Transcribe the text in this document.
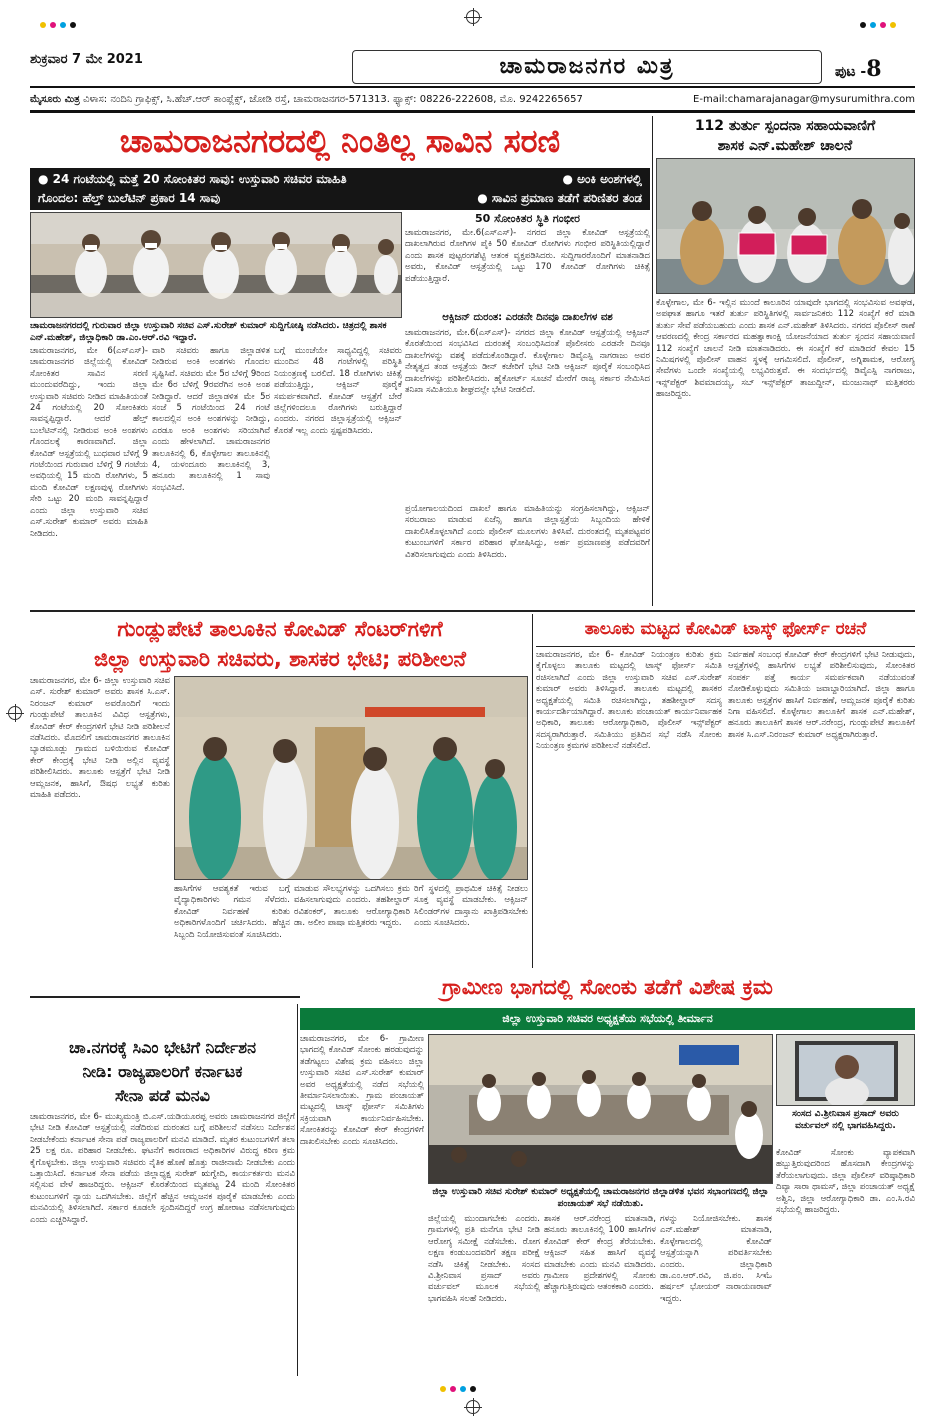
ಶುಕ್ರವಾರ 7 ಮೇ 2021	ಚಾಮರಾಜನಗರ ಮಿತ್ರ	ಪುಟ -8
ಮೈಸೂರು ಮಿತ್ರ ವಿಳಾಸ: ನಂದಿನಿ ಗ್ರಾಫಿಕ್ಸ್, ಸಿ.ಹೆಚ್.ಆರ್ ಕಾಂಪ್ಲೆಕ್ಸ್, ಜೋಡಿ ರಸ್ತೆ, ಚಾಮರಾಜನಗರ-571313. ಫ್ಯಾಕ್ಸ್: 08226-222608, ಮೊ. 9242265657	E-mail:chamarajanagar@mysurumithra.com
ಚಾಮರಾಜನಗರದಲ್ಲಿ ನಿಂತಿಲ್ಲ ಸಾವಿನ ಸರಣಿ	112 ತುರ್ತು ಸ್ಪಂದನಾ ಸಹಾಯವಾಣಿಗೆ
ಶಾಸಕ ಎನ್.ಮಹೇಶ್ ಚಾಲನೆ
● 24 ಗಂಟೆಯಲ್ಲಿ ಮತ್ತೆ 20 ಸೋಂಕಿತರ ಸಾವು: ಉಸ್ತುವಾರಿ ಸಚಿವರ ಮಾಹಿತಿ	● ಅಂಕಿ ಅಂಶಗಳಲ್ಲಿ
ಗೊಂದಲ: ಹೆಲ್ತ್ ಬುಲೆಟಿನ್ ಪ್ರಕಾರ 14 ಸಾವು	● ಸಾವಿನ ಪ್ರಮಾಣ ತಡೆಗೆ ಪರಿಣಿತರ ತಂಡ
ಚಾಮರಾಜನಗರದಲ್ಲಿ ಗುರುವಾರ ಜಿಲ್ಲಾ ಉಸ್ತುವಾರಿ ಸಚಿವ ಎಸ್.ಸುರೇಶ್ ಕುಮಾರ್ ಸುದ್ದಿಗೋಷ್ಠಿ ನಡೆಸಿದರು. ಚಿತ್ರದಲ್ಲಿ ಶಾಸಕ ಎನ್.ಮಹೇಶ್, ಜಿಲ್ಲಾಧಿಕಾರಿ ಡಾ.ಎಂ.ಆರ್.ರವಿ ಇದ್ದಾರೆ.
50 ಸೋಂಕಿತರ ಸ್ಥಿತಿ ಗಂಭೀರ
ಚಾಮರಾಜನಗರ, ಮೇ.6(ಎಸ್‌ಎಸ್)- ನಗರದ ಜಿಲ್ಲಾ ಕೋವಿಡ್ ಆಸ್ಪತ್ರೆಯಲ್ಲಿ ದಾಖಲಾಗಿರುವ ರೋಗಿಗಳ ಪೈಕಿ 50 ಕೋವಿಡ್ ರೋಗಿಗಳು ಗಂಭೀರ ಪರಿಸ್ಥಿತಿಯಲ್ಲಿದ್ದಾರೆ ಎಂದು ಶಾಸಕ ಪುಟ್ಟರಂಗಶೆಟ್ಟಿ ಆತಂಕ ವ್ಯಕ್ತಪಡಿಸಿದರು. ಸುದ್ದಿಗಾರರೊಂದಿಗೆ ಮಾತನಾಡಿದ ಅವರು, ಕೋವಿಡ್ ಆಸ್ಪತ್ರೆಯಲ್ಲಿ ಒಟ್ಟು 170 ಕೋವಿಡ್ ರೋಗಿಗಳು ಚಿಕಿತ್ಸೆ ಪಡೆಯುತ್ತಿದ್ದಾರೆ.
ಆಕ್ಸಿಜನ್ ದುರಂತ: ಎರಡನೇ ದಿನವೂ ದಾಖಲೆಗಳ ವಶ
ಚಾಮರಾಜನಗರ, ಮೇ.6(ಎಸ್‌ಎಸ್)- ನಗರದ ಜಿಲ್ಲಾ ಕೋವಿಡ್ ಆಸ್ಪತ್ರೆಯಲ್ಲಿ ಆಕ್ಸಿಜನ್ ಕೊರತೆಯಿಂದ ಸಂಭವಿಸಿದ ದುರಂತಕ್ಕೆ ಸಂಬಂಧಿಸಿದಂತೆ ಪೊಲೀಸರು ಎರಡನೇ ದಿನವೂ ದಾಖಲೆಗಳನ್ನು ವಶಕ್ಕೆ ಪಡೆದುಕೊಂಡಿದ್ದಾರೆ. ಕೊಳ್ಳೇಗಾಲ ಡಿವೈಎಸ್ಪಿ ನಾಗರಾಜು ಅವರ ನೇತೃತ್ವದ ತಂಡ ಆಸ್ಪತ್ರೆಯ ಡೀನ್ ಕಚೇರಿಗೆ ಭೇಟಿ ನೀಡಿ ಆಕ್ಸಿಜನ್ ಪೂರೈಕೆ ಸಂಬಂಧಿಸಿದ ದಾಖಲೆಗಳನ್ನು ಪರಿಶೀಲಿಸಿದರು. ಹೈಕೋರ್ಟ್ ಸೂಚನೆ ಮೇರೆಗೆ ರಾಜ್ಯ ಸರ್ಕಾರ ನೇಮಿಸಿದ ತನಿಖಾ ಸಮಿತಿಯೂ ಶೀಘ್ರದಲ್ಲೇ ಭೇಟಿ ನೀಡಲಿದೆ.
ಚಾಮರಾಜನಗರ, ಮೇ 6(ಎಸ್‌ಎಸ್)- ಚಾಮರಾಜನಗರ ಜಿಲ್ಲೆಯಲ್ಲಿ ಕೋವಿಡ್ ಸೋಂಕಿತರ ಸಾವಿನ ಸರಣಿ ಮುಂದುವರೆದಿದ್ದು, ಇಂದು ಜಿಲ್ಲಾ ಉಸ್ತುವಾರಿ ಸಚಿವರು ನೀಡಿದ ಮಾಹಿತಿಯಂತೆ 24 ಗಂಟೆಯಲ್ಲಿ 20 ಸೋಂಕಿತರು ಸಾವನ್ನಪ್ಪಿದ್ದಾರೆ. ಆದರೆ ಹೆಲ್ತ್ ಬುಲೆಟಿನ್‌ನಲ್ಲಿ ನೀಡಿರುವ ಅಂಕಿ ಅಂಶಗಳು ಗೊಂದಲಕ್ಕೆ ಕಾರಣವಾಗಿದೆ. ಜಿಲ್ಲಾ ಕೋವಿಡ್ ಆಸ್ಪತ್ರೆಯಲ್ಲಿ ಬುಧವಾರ ಬೆಳಿಗ್ಗೆ 9 ಗಂಟೆಯಿಂದ ಗುರುವಾರ ಬೆಳಿಗ್ಗೆ 9 ಗಂಟೆಯ ಅವಧಿಯಲ್ಲಿ 15 ಮಂದಿ ರೋಗಿಗಳು, 5 ಮಂದಿ ಕೋವಿಡ್ ಲಕ್ಷಣವುಳ್ಳ ರೋಗಿಗಳು ಸೇರಿ ಒಟ್ಟು 20 ಮಂದಿ ಸಾವನ್ನಪ್ಪಿದ್ದಾರೆ ಎಂದು ಜಿಲ್ಲಾ ಉಸ್ತುವಾರಿ ಸಚಿವ ಎಸ್.ಸುರೇಶ್ ಕುಮಾರ್ ಅವರು ಮಾಹಿತಿ ನೀಡಿದರು.
ವಾರಿ ಸಚಿವರು ಹಾಗೂ ಜಿಲ್ಲಾಡಳಿತ ನೀಡಿರುವ ಅಂಕಿ ಅಂಶಗಳು ಗೊಂದಲ ಸೃಷ್ಟಿಸಿವೆ. ಸಚಿವರು ಮೇ 5ರ ಬೆಳಿಗ್ಗೆ 9ರಿಂದ ಮೇ 6ರ ಬೆಳಿಗ್ಗೆ 9ರವರೆಗಿನ ಅಂಕಿ ಅಂಶ ನೀಡಿದ್ದಾರೆ. ಆದರೆ ಜಿಲ್ಲಾಡಳಿತ ಮೇ 5ರ ಸಂಜೆ 5 ಗಂಟೆಯಿಂದ 24 ಗಂಟೆ ಕಾಲದಲ್ಲಿನ ಅಂಕಿ ಅಂಶಗಳನ್ನು ನೀಡಿದ್ದು, ಎರಡೂ ಅಂಕಿ ಅಂಶಗಳು ಸರಿಯಾಗಿವೆ ಎಂದು ಹೇಳಲಾಗಿದೆ. ಚಾಮರಾಜನಗರ ತಾಲೂಕಿನಲ್ಲಿ 6, ಕೊಳ್ಳೇಗಾಲ ತಾಲೂಕಿನಲ್ಲಿ 4, ಯಳಂದೂರು ತಾಲೂಕಿನಲ್ಲಿ 3, ಹನೂರು ತಾಲೂಕಿನಲ್ಲಿ 1 ಸಾವು ಸಂಭವಿಸಿದೆ.
ಬಗ್ಗೆ ಮುಂಚೆಯೇ ಸಾಧ್ಯವಿದ್ದಲ್ಲಿ ಸಚಿವರು ಮುಂದಿನ 48 ಗಂಟೆಗಳಲ್ಲಿ ಪರಿಸ್ಥಿತಿ ನಿಯಂತ್ರಣಕ್ಕೆ ಬರಲಿದೆ. 18 ರೋಗಿಗಳು ಚಿಕಿತ್ಸೆ ಪಡೆಯುತ್ತಿದ್ದು, ಆಕ್ಸಿಜನ್ ಪೂರೈಕೆ ಸಮರ್ಪಕವಾಗಿದೆ. ಕೋವಿಡ್ ಆಸ್ಪತ್ರೆಗೆ ಬೇರೆ ಜಿಲ್ಲೆಗಳಿಂದಲೂ ರೋಗಿಗಳು ಬರುತ್ತಿದ್ದಾರೆ ಎಂದರು. ನಗರದ ಜಿಲ್ಲಾಸ್ಪತ್ರೆಯಲ್ಲಿ ಆಕ್ಸಿಜನ್ ಕೊರತೆ ಇಲ್ಲ ಎಂದು ಸ್ಪಷ್ಟಪಡಿಸಿದರು.
ಪ್ರಯೋಗಾಲಯದಿಂದ ದಾಖಲೆ ಹಾಗೂ ಮಾಹಿತಿಯನ್ನು ಸಂಗ್ರಹಿಸಲಾಗಿದ್ದು, ಆಕ್ಸಿಜನ್ ಸರಬರಾಜು ಮಾಡುವ ಏಜೆನ್ಸಿ ಹಾಗೂ ಜಿಲ್ಲಾಸ್ಪತ್ರೆಯ ಸಿಬ್ಬಂದಿಯ ಹೇಳಿಕೆ ದಾಖಲಿಸಿಕೊಳ್ಳಲಾಗಿದೆ ಎಂದು ಪೊಲೀಸ್ ಮೂಲಗಳು ತಿಳಿಸಿವೆ. ದುರಂತದಲ್ಲಿ ಮೃತಪಟ್ಟವರ ಕುಟುಂಬಗಳಿಗೆ ಸರ್ಕಾರ ಪರಿಹಾರ ಘೋಷಿಸಿದ್ದು, ಅರ್ಹ ಪ್ರಮಾಣಪತ್ರ ಪಡೆದವರಿಗೆ ವಿತರಿಸಲಾಗುವುದು ಎಂದು ತಿಳಿಸಿದರು.
ಕೊಳ್ಳೇಗಾಲ, ಮೇ 6- ಇಲ್ಲಿನ ಮುಂದೆ ಕಾಲೂರಿನ ಯಾವುದೇ ಭಾಗದಲ್ಲಿ ಸಂಭವಿಸುವ ಅವಘಡ, ಅಪಘಾತ ಹಾಗೂ ಇತರೆ ತುರ್ತು ಪರಿಸ್ಥಿತಿಗಳಲ್ಲಿ ಸಾರ್ವಜನಿಕರು 112 ಸಂಖ್ಯೆಗೆ ಕರೆ ಮಾಡಿ ತುರ್ತು ಸೇವೆ ಪಡೆಯಬಹುದು ಎಂದು ಶಾಸಕ ಎನ್.ಮಹೇಶ್ ತಿಳಿಸಿದರು. ನಗರದ ಪೊಲೀಸ್ ಠಾಣೆ ಆವರಣದಲ್ಲಿ ಕೇಂದ್ರ ಸರ್ಕಾರದ ಮಹತ್ವಾಕಾಂಕ್ಷಿ ಯೋಜನೆಯಾದ ತುರ್ತು ಸ್ಪಂದನ ಸಹಾಯವಾಣಿ 112 ಸಂಖ್ಯೆಗೆ ಚಾಲನೆ ನೀಡಿ ಮಾತನಾಡಿದರು. ಈ ಸಂಖ್ಯೆಗೆ ಕರೆ ಮಾಡಿದರೆ ಕೇವಲ 15 ನಿಮಿಷಗಳಲ್ಲಿ ಪೊಲೀಸ್ ವಾಹನ ಸ್ಥಳಕ್ಕೆ ಆಗಮಿಸಲಿದೆ. ಪೊಲೀಸ್, ಅಗ್ನಿಶಾಮಕ, ಆರೋಗ್ಯ ಸೇವೆಗಳು ಒಂದೇ ಸಂಖ್ಯೆಯಲ್ಲಿ ಲಭ್ಯವಿರುತ್ತವೆ. ಈ ಸಂದರ್ಭದಲ್ಲಿ ಡಿವೈಎಸ್ಪಿ ನಾಗರಾಜು, ಇನ್ಸ್‌ಪೆಕ್ಟರ್ ಶಿವಮಾದಯ್ಯ, ಸಬ್ ಇನ್ಸ್‌ಪೆಕ್ಟರ್ ತಾಜುದ್ದೀನ್, ಮಂಜುನಾಥ್ ಮತ್ತಿತರರು ಹಾಜರಿದ್ದರು.
ಗುಂಡ್ಲುಪೇಟೆ ತಾಲೂಕಿನ ಕೋವಿಡ್ ಸೆಂಟರ್‌ಗಳಿಗೆ
ಜಿಲ್ಲಾ ಉಸ್ತುವಾರಿ ಸಚಿವರು, ಶಾಸಕರ ಭೇಟಿ; ಪರಿಶೀಲನೆ
ತಾಲೂಕು ಮಟ್ಟದ ಕೋವಿಡ್ ಟಾಸ್ಕ್ ಫೋರ್ಸ್ ರಚನೆ
ಚಾಮರಾಜನಗರ, ಮೇ 6- ಜಿಲ್ಲಾ ಉಸ್ತುವಾರಿ ಸಚಿವ ಎಸ್. ಸುರೇಶ್ ಕುಮಾರ್ ಅವರು ಶಾಸಕ ಸಿ.ಎಸ್. ನಿರಂಜನ್ ಕುಮಾರ್ ಅವರೊಂದಿಗೆ ಇಂದು ಗುಂಡ್ಲುಪೇಟೆ ತಾಲೂಕಿನ ವಿವಿಧ ಆಸ್ಪತ್ರೆಗಳು, ಕೋವಿಡ್ ಕೇರ್ ಕೇಂದ್ರಗಳಿಗೆ ಭೇಟಿ ನೀಡಿ ಪರಿಶೀಲನೆ ನಡೆಸಿದರು. ಮೊದಲಿಗೆ ಚಾಮರಾಜನಗರ ತಾಲೂಕಿನ ಬ್ಯಾಡಮೂಡ್ಲು ಗ್ರಾಮದ ಬಳಿಯಿರುವ ಕೋವಿಡ್ ಕೇರ್ ಕೇಂದ್ರಕ್ಕೆ ಭೇಟಿ ನೀಡಿ ಅಲ್ಲಿನ ವ್ಯವಸ್ಥೆ ಪರಿಶೀಲಿಸಿದರು. ತಾಲೂಕು ಆಸ್ಪತ್ರೆಗೆ ಭೇಟಿ ನೀಡಿ ಆಮ್ಲಜನಕ, ಹಾಸಿಗೆ, ಔಷಧ ಲಭ್ಯತೆ ಕುರಿತು ಮಾಹಿತಿ ಪಡೆದರು.
ಹಾಸಿಗೆಗಳ ಆವಶ್ಯಕತೆ ಇರುವ ಬಗ್ಗೆ ವೈದ್ಯಾಧಿಕಾರಿಗಳು ಗಮನ ಸೆಳೆದರು. ಕೋವಿಡ್ ನಿರ್ವಹಣೆ ಕುರಿತು ಅಧಿಕಾರಿಗಳೊಂದಿಗೆ ಚರ್ಚಿಸಿದರು. ಹೆಚ್ಚಿನ ಸಿಬ್ಬಂದಿ ನಿಯೋಜಿಸುವಂತೆ ಸೂಚಿಸಿದರು.
ಮಾಡುವ ಸೌಲಭ್ಯಗಳನ್ನು ಒದಗಿಸಲು ಕ್ರಮ ವಹಿಸಲಾಗುವುದು ಎಂದರು. ತಹಶೀಲ್ದಾರ್ ರವಿಶಂಕರ್, ತಾಲೂಕು ಆರೋಗ್ಯಾಧಿಕಾರಿ ಡಾ. ಅಲೀಂ ಪಾಷಾ ಮತ್ತಿತರರು ಇದ್ದರು.
ರಿಗೆ ಸ್ಥಳದಲ್ಲಿ ಪ್ರಾಥಮಿಕ ಚಿಕಿತ್ಸೆ ನೀಡಲು ಸೂಕ್ತ ವ್ಯವಸ್ಥೆ ಮಾಡಬೇಕು. ಆಕ್ಸಿಜನ್ ಸಿಲಿಂಡರ್‌ಗಳ ದಾಸ್ತಾನು ಖಾತ್ರಿಪಡಿಸಬೇಕು ಎಂದು ಸೂಚಿಸಿದರು.
ಚಾಮರಾಜನಗರ, ಮೇ 6- ಕೋವಿಡ್ ನಿಯಂತ್ರಣ ಕುರಿತು ಕ್ರಮ ಕೈಗೊಳ್ಳಲು ತಾಲೂಕು ಮಟ್ಟದಲ್ಲಿ ಟಾಸ್ಕ್ ಫೋರ್ಸ್ ಸಮಿತಿ ರಚಿಸಲಾಗಿದೆ ಎಂದು ಜಿಲ್ಲಾ ಉಸ್ತುವಾರಿ ಸಚಿವ ಎಸ್.ಸುರೇಶ್ ಕುಮಾರ್ ಅವರು ತಿಳಿಸಿದ್ದಾರೆ. ತಾಲೂಕು ಮಟ್ಟದಲ್ಲಿ ಶಾಸಕರ ಅಧ್ಯಕ್ಷತೆಯಲ್ಲಿ ಸಮಿತಿ ರಚಿಸಲಾಗಿದ್ದು, ತಹಶೀಲ್ದಾರ್ ಸದಸ್ಯ ಕಾರ್ಯದರ್ಶಿಯಾಗಿದ್ದಾರೆ. ತಾಲೂಕು ಪಂಚಾಯತ್ ಕಾರ್ಯನಿರ್ವಾಹಕ ಅಧಿಕಾರಿ, ತಾಲೂಕು ಆರೋಗ್ಯಾಧಿಕಾರಿ, ಪೊಲೀಸ್ ಇನ್ಸ್‌ಪೆಕ್ಟರ್ ಸದಸ್ಯರಾಗಿರುತ್ತಾರೆ. ಸಮಿತಿಯು ಪ್ರತಿದಿನ ಸಭೆ ನಡೆಸಿ ಸೋಂಕು ನಿಯಂತ್ರಣ ಕ್ರಮಗಳ ಪರಿಶೀಲನೆ ನಡೆಸಲಿದೆ.
ನಿರ್ವಹಣೆ ಸಂಬಂಧ ಕೋವಿಡ್ ಕೇರ್ ಕೇಂದ್ರಗಳಿಗೆ ಭೇಟಿ ನೀಡುವುದು, ಆಸ್ಪತ್ರೆಗಳಲ್ಲಿ ಹಾಸಿಗೆಗಳ ಲಭ್ಯತೆ ಪರಿಶೀಲಿಸುವುದು, ಸೋಂಕಿತರ ಸಂಪರ್ಕ ಪತ್ತೆ ಕಾರ್ಯ ಸಮರ್ಪಕವಾಗಿ ನಡೆಯುವಂತೆ ನೋಡಿಕೊಳ್ಳುವುದು ಸಮಿತಿಯ ಜವಾಬ್ದಾರಿಯಾಗಿದೆ. ಜಿಲ್ಲಾ ಹಾಗೂ ತಾಲೂಕು ಆಸ್ಪತ್ರೆಗಳ ಹಾಸಿಗೆ ನಿರ್ವಹಣೆ, ಆಮ್ಲಜನಕ ಪೂರೈಕೆ ಕುರಿತು ನಿಗಾ ವಹಿಸಲಿದೆ. ಕೊಳ್ಳೇಗಾಲ ತಾಲೂಕಿಗೆ ಶಾಸಕ ಎನ್.ಮಹೇಶ್, ಹನೂರು ತಾಲೂಕಿಗೆ ಶಾಸಕ ಆರ್.ನರೇಂದ್ರ, ಗುಂಡ್ಲುಪೇಟೆ ತಾಲೂಕಿಗೆ ಶಾಸಕ ಸಿ.ಎಸ್.ನಿರಂಜನ್ ಕುಮಾರ್ ಅಧ್ಯಕ್ಷರಾಗಿರುತ್ತಾರೆ.
ಗ್ರಾಮೀಣ ಭಾಗದಲ್ಲಿ ಸೋಂಕು ತಡೆಗೆ ವಿಶೇಷ ಕ್ರಮ
ಜಿಲ್ಲಾ ಉಸ್ತುವಾರಿ ಸಚಿವರ ಅಧ್ಯಕ್ಷತೆಯ ಸಭೆಯಲ್ಲಿ ತೀರ್ಮಾನ
ಚಾ.ನಗರಕ್ಕೆ ಸಿಎಂ ಭೇಟಿಗೆ ನಿರ್ದೇಶನ
ನೀಡಿ: ರಾಜ್ಯಪಾಲರಿಗೆ ಕರ್ನಾಟಕ
ಸೇನಾ ಪಡೆ ಮನವಿ
ಚಾಮರಾಜನಗರ, ಮೇ 6- ಮುಖ್ಯಮಂತ್ರಿ ಬಿ.ಎಸ್.ಯಡಿಯೂರಪ್ಪ ಅವರು ಚಾಮರಾಜನಗರ ಜಿಲ್ಲೆಗೆ ಭೇಟಿ ನೀಡಿ ಕೋವಿಡ್ ಆಸ್ಪತ್ರೆಯಲ್ಲಿ ನಡೆದಿರುವ ದುರಂತದ ಬಗ್ಗೆ ಪರಿಶೀಲನೆ ನಡೆಸಲು ನಿರ್ದೇಶನ ನೀಡಬೇಕೆಂದು ಕರ್ನಾಟಕ ಸೇನಾ ಪಡೆ ರಾಜ್ಯಪಾಲರಿಗೆ ಮನವಿ ಮಾಡಿದೆ. ಮೃತರ ಕುಟುಂಬಗಳಿಗೆ ತಲಾ 25 ಲಕ್ಷ ರೂ. ಪರಿಹಾರ ನೀಡಬೇಕು. ಘಟನೆಗೆ ಕಾರಣರಾದ ಅಧಿಕಾರಿಗಳ ವಿರುದ್ಧ ಕಠಿಣ ಕ್ರಮ ಕೈಗೊಳ್ಳಬೇಕು. ಜಿಲ್ಲಾ ಉಸ್ತುವಾರಿ ಸಚಿವರು ನೈತಿಕ ಹೊಣೆ ಹೊತ್ತು ರಾಜೀನಾಮೆ ನೀಡಬೇಕು ಎಂದು ಒತ್ತಾಯಿಸಿದೆ. ಕರ್ನಾಟಕ ಸೇನಾ ಪಡೆಯ ಜಿಲ್ಲಾಧ್ಯಕ್ಷ ಸುರೇಶ್ ಋಗ್ವೇದಿ, ಕಾರ್ಯಕರ್ತರು ಮನವಿ ಸಲ್ಲಿಸುವ ವೇಳೆ ಹಾಜರಿದ್ದರು. ಆಕ್ಸಿಜನ್ ಕೊರತೆಯಿಂದ ಮೃತಪಟ್ಟ 24 ಮಂದಿ ಸೋಂಕಿತರ ಕುಟುಂಬಗಳಿಗೆ ನ್ಯಾಯ ಒದಗಿಸಬೇಕು. ಜಿಲ್ಲೆಗೆ ಹೆಚ್ಚಿನ ಆಮ್ಲಜನಕ ಪೂರೈಕೆ ಮಾಡಬೇಕು ಎಂದು ಮನವಿಯಲ್ಲಿ ತಿಳಿಸಲಾಗಿದೆ. ಸರ್ಕಾರ ಕೂಡಲೇ ಸ್ಪಂದಿಸದಿದ್ದರೆ ಉಗ್ರ ಹೋರಾಟ ನಡೆಸಲಾಗುವುದು ಎಂದು ಎಚ್ಚರಿಸಿದ್ದಾರೆ.
ಚಾಮರಾಜನಗರ, ಮೇ 6- ಗ್ರಾಮೀಣ ಭಾಗದಲ್ಲಿ ಕೋವಿಡ್ ಸೋಂಕು ಹರಡುವುದನ್ನು ತಡೆಗಟ್ಟಲು ವಿಶೇಷ ಕ್ರಮ ವಹಿಸಲು ಜಿಲ್ಲಾ ಉಸ್ತುವಾರಿ ಸಚಿವ ಎಸ್.ಸುರೇಶ್ ಕುಮಾರ್ ಅವರ ಅಧ್ಯಕ್ಷತೆಯಲ್ಲಿ ನಡೆದ ಸಭೆಯಲ್ಲಿ ತೀರ್ಮಾನಿಸಲಾಯಿತು. ಗ್ರಾಮ ಪಂಚಾಯತ್ ಮಟ್ಟದಲ್ಲಿ ಟಾಸ್ಕ್ ಫೋರ್ಸ್ ಸಮಿತಿಗಳು ಸಕ್ರಿಯವಾಗಿ ಕಾರ್ಯನಿರ್ವಹಿಸಬೇಕು. ಸೋಂಕಿತರನ್ನು ಕೋವಿಡ್ ಕೇರ್ ಕೇಂದ್ರಗಳಿಗೆ ದಾಖಲಿಸಬೇಕು ಎಂದು ಸೂಚಿಸಿದರು.
ಜಿಲ್ಲಾ ಉಸ್ತುವಾರಿ ಸಚಿವ ಸುರೇಶ್ ಕುಮಾರ್ ಅಧ್ಯಕ್ಷತೆಯಲ್ಲಿ ಚಾಮರಾಜನಗರ ಜಿಲ್ಲಾಡಳಿತ ಭವನ ಸಭಾಂಗಣದಲ್ಲಿ ಜಿಲ್ಲಾ ಪಂಚಾಯತ್ ಸಭೆ ನಡೆಯಿತು.
ಸಂಸದ ವಿ.ಶ್ರೀನಿವಾಸ ಪ್ರಸಾದ್ ಅವರು ವರ್ಚುವಲ್ ನಲ್ಲಿ ಭಾಗವಹಿಸಿದ್ದರು.
ಜಿಲ್ಲೆಯಲ್ಲಿ ಮುಂದಾಗಬೇಕು ಎಂದರು. ಗ್ರಾಮಗಳಲ್ಲಿ ಪ್ರತಿ ಮನೆಗೂ ಭೇಟಿ ನೀಡಿ ಆರೋಗ್ಯ ಸಮೀಕ್ಷೆ ನಡೆಸಬೇಕು. ರೋಗ ಲಕ್ಷಣ ಕಂಡುಬಂದವರಿಗೆ ತಕ್ಷಣ ಪರೀಕ್ಷೆ ನಡೆಸಿ ಚಿಕಿತ್ಸೆ ನೀಡಬೇಕು. ಸಂಸದ ವಿ.ಶ್ರೀನಿವಾಸ ಪ್ರಸಾದ್ ಅವರು ವರ್ಚುವಲ್ ಮೂಲಕ ಸಭೆಯಲ್ಲಿ ಭಾಗವಹಿಸಿ ಸಲಹೆ ನೀಡಿದರು.
ಶಾಸಕ ಆರ್.ನರೇಂದ್ರ ಮಾತನಾಡಿ, ಹನೂರು ತಾಲೂಕಿನಲ್ಲಿ 100 ಹಾಸಿಗೆಗಳ ಕೋವಿಡ್ ಕೇರ್ ಕೇಂದ್ರ ತೆರೆಯಬೇಕು. ಆಕ್ಸಿಜನ್ ಸಹಿತ ಹಾಸಿಗೆ ವ್ಯವಸ್ಥೆ ಮಾಡಬೇಕು ಎಂದು ಮನವಿ ಮಾಡಿದರು. ಗ್ರಾಮೀಣ ಪ್ರದೇಶಗಳಲ್ಲಿ ಸೋಂಕು ಹೆಚ್ಚಾಗುತ್ತಿರುವುದು ಆತಂಕಕಾರಿ ಎಂದರು.
ಗಳನ್ನು ನಿಯೋಜಿಸಬೇಕು. ಶಾಸಕ ಎನ್.ಮಹೇಶ್ ಮಾತನಾಡಿ, ಕೊಳ್ಳೇಗಾಲದಲ್ಲಿ ಕೋವಿಡ್ ಆಸ್ಪತ್ರೆಯನ್ನಾಗಿ ಪರಿವರ್ತಿಸಬೇಕು ಎಂದರು. ಜಿಲ್ಲಾಧಿಕಾರಿ ಡಾ.ಎಂ.ಆರ್.ರವಿ, ಜಿ.ಪಂ. ಸಿಇಓ ಹರ್ಷಲ್ ಭೋಯರ್ ನಾರಾಯಣರಾವ್ ಇದ್ದರು.
ಕೋವಿಡ್ ಸೋಂಕು ವ್ಯಾಪಕವಾಗಿ ಹಬ್ಬುತ್ತಿರುವುದರಿಂದ ಹೊಸದಾಗಿ ಕೇಂದ್ರಗಳನ್ನು ತೆರೆಯಲಾಗುವುದು. ಜಿಲ್ಲಾ ಪೊಲೀಸ್ ವರಿಷ್ಠಾಧಿಕಾರಿ ದಿವ್ಯಾ ಸಾರಾ ಥಾಮಸ್, ಜಿಲ್ಲಾ ಪಂಚಾಯತ್ ಅಧ್ಯಕ್ಷೆ ಅಶ್ವಿನಿ, ಜಿಲ್ಲಾ ಆರೋಗ್ಯಾಧಿಕಾರಿ ಡಾ. ಎಂ.ಸಿ.ರವಿ ಸಭೆಯಲ್ಲಿ ಹಾಜರಿದ್ದರು.
